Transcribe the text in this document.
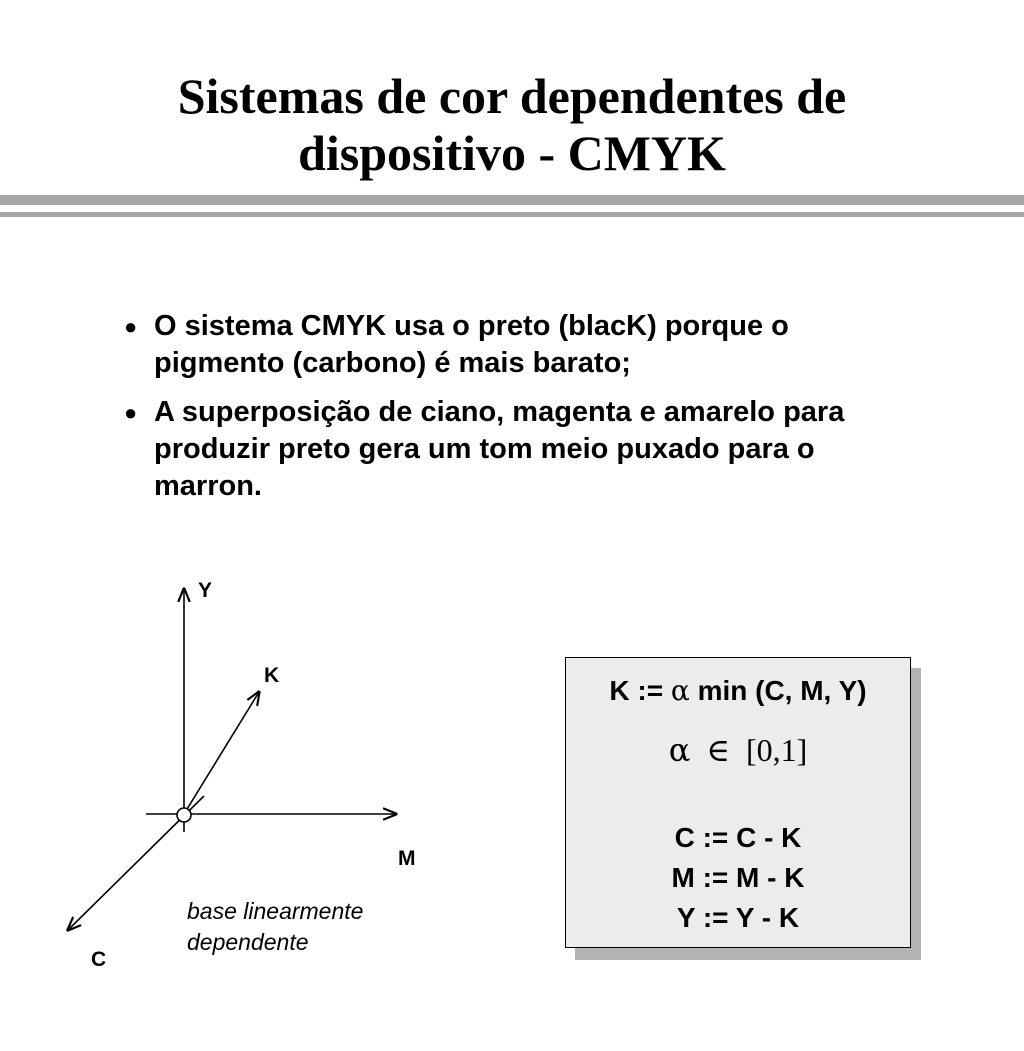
Sistemas de cor dependentes de
dispositivo - CMYK
● O sistema CMYK usa o preto (blacK) porque o pigmento (carbono) é mais barato;
● A superposição de ciano, magenta e amarelo para produzir preto gera um tom meio puxado para o marron.
Y
K
M
C
base linearmente
dependente
K := α min (C, M, Y)
α ∈ [0,1]
C := C - K
M := M - K
Y := Y - K
